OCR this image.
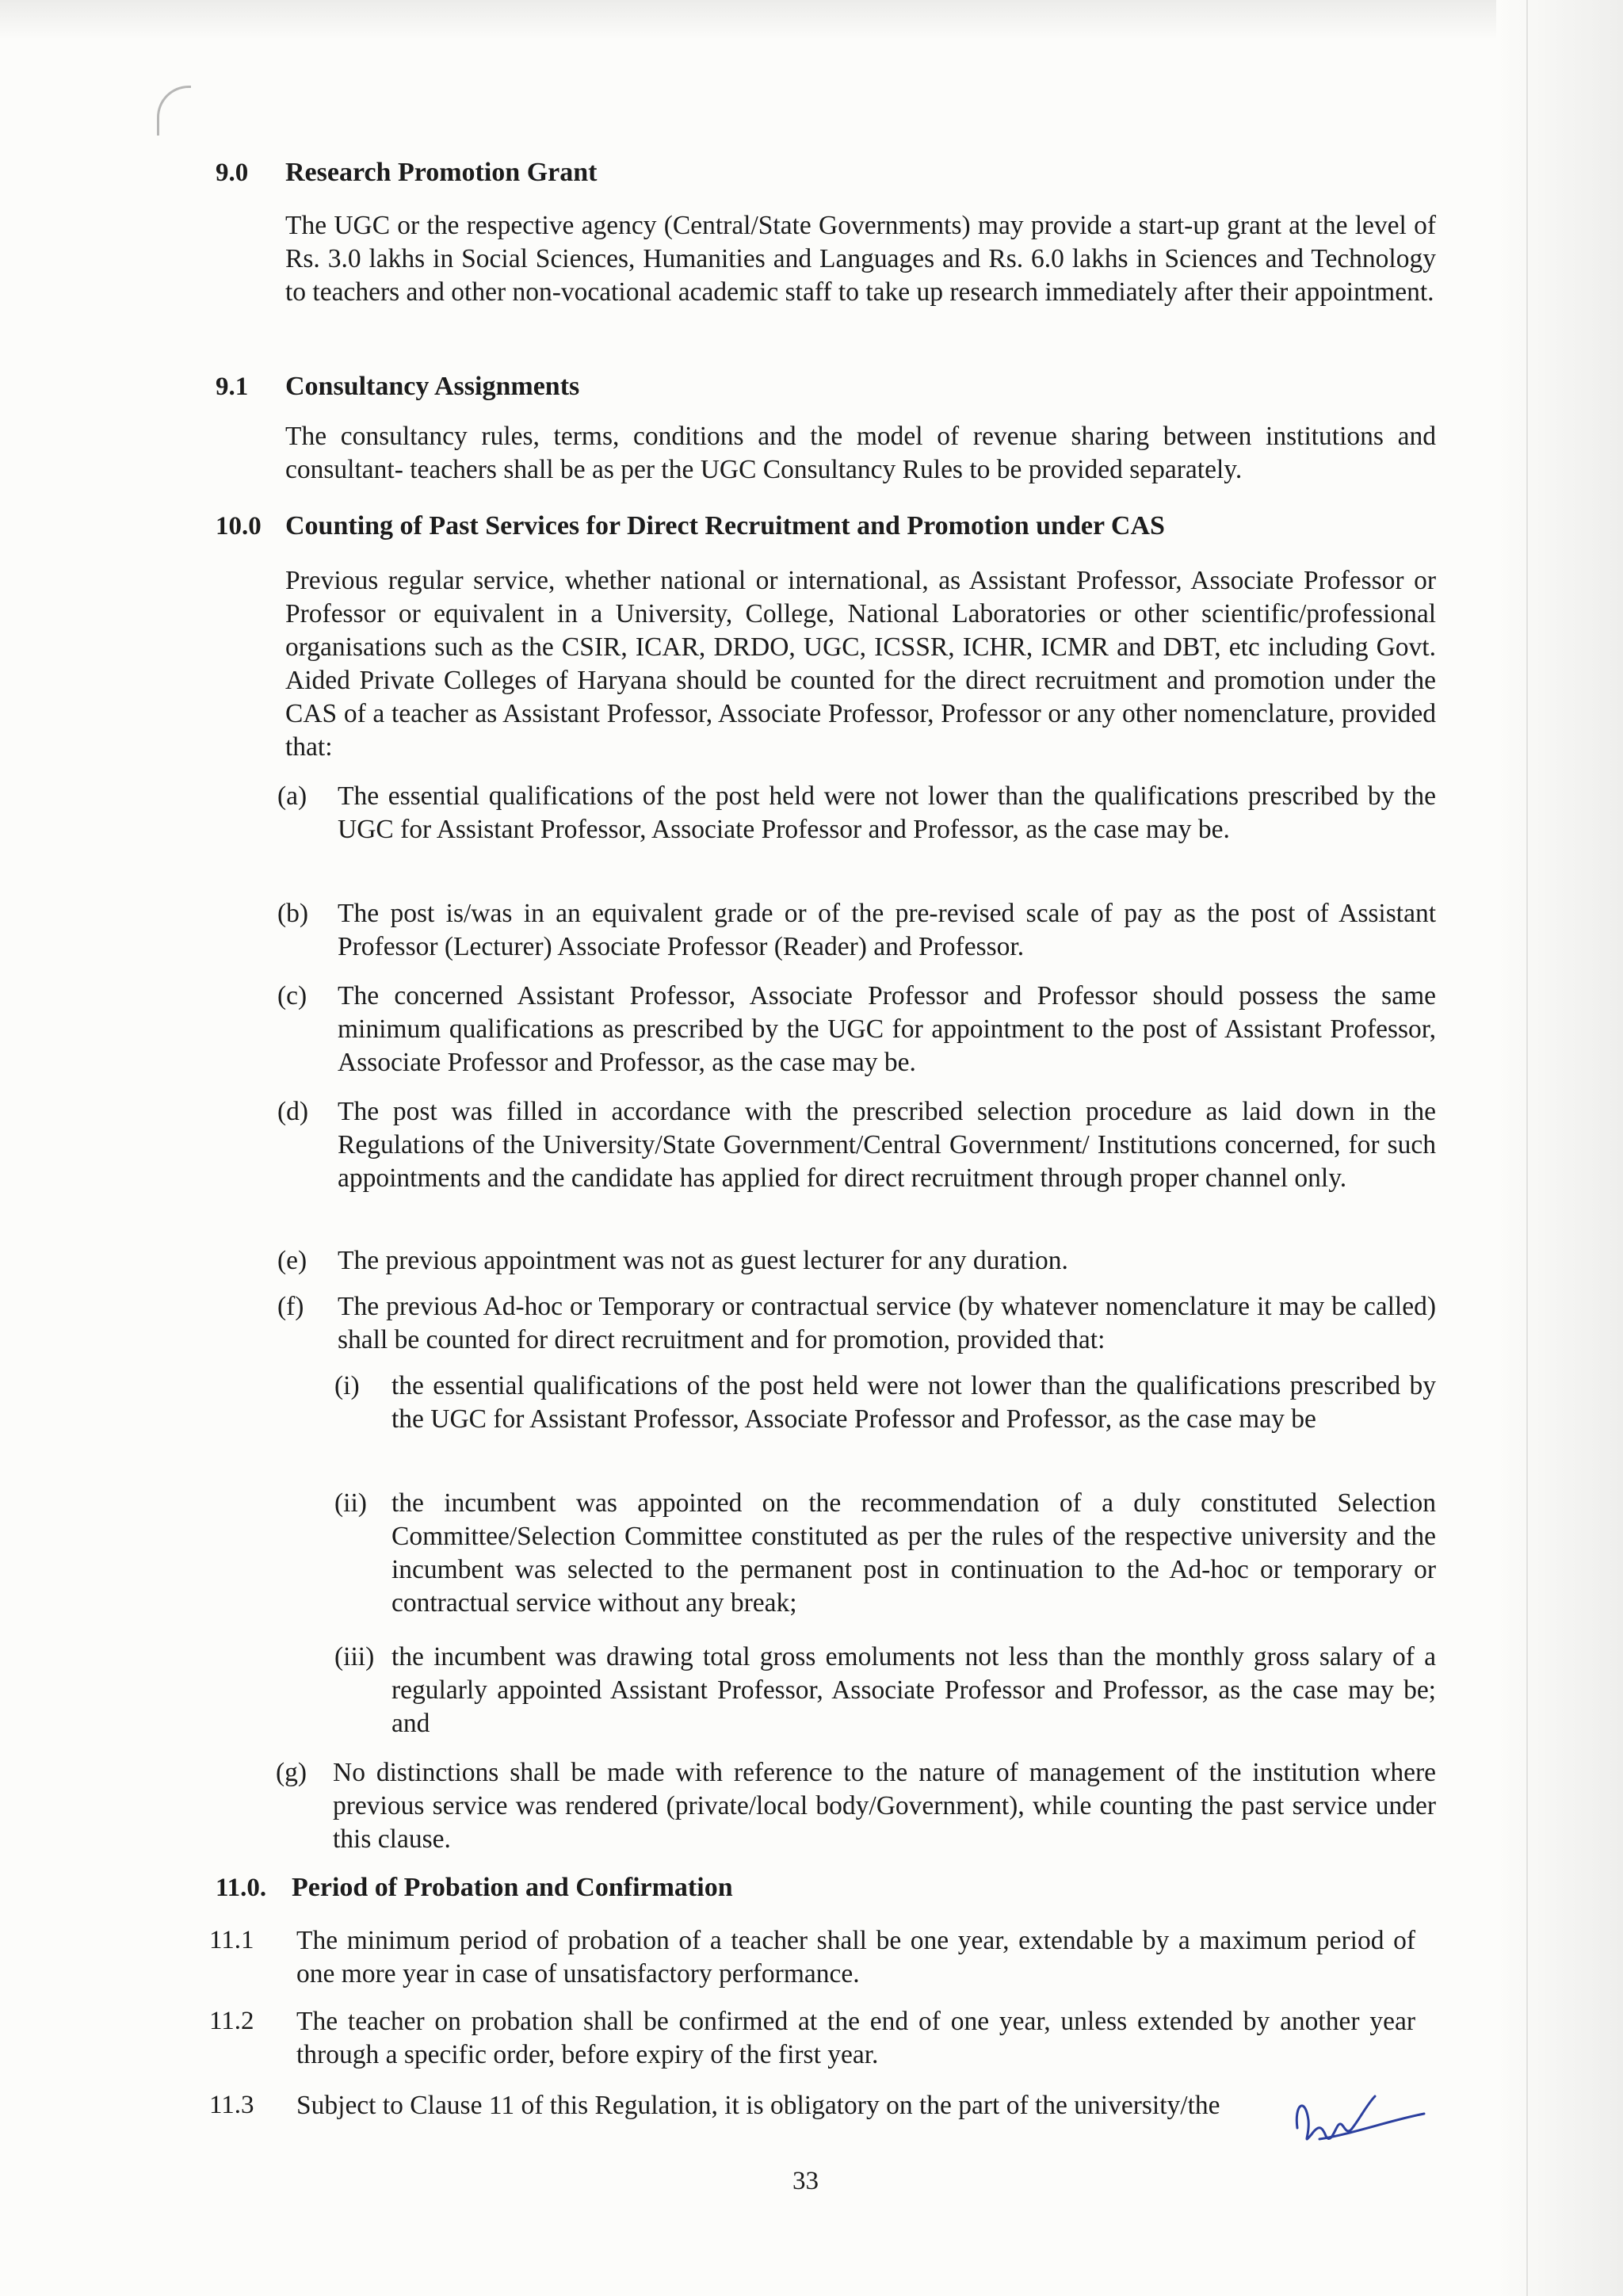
9.0 Research Promotion Grant
The UGC or the respective agency (Central/State Governments) may provide a start-up grant at the level of Rs. 3.0 lakhs in Social Sciences, Humanities and Languages and Rs. 6.0 lakhs in Sciences and Technology to teachers and other non-vocational academic staff to take up research immediately after their appointment.
9.1 Consultancy Assignments
The consultancy rules, terms, conditions and the model of revenue sharing between institutions and consultant- teachers shall be as per the UGC Consultancy Rules to be provided separately.
10.0 Counting of Past Services for Direct Recruitment and Promotion under CAS
Previous regular service, whether national or international, as Assistant Professor, Associate Professor or Professor or equivalent in a University, College, National Laboratories or other scientific/professional organisations such as the CSIR, ICAR, DRDO, UGC, ICSSR, ICHR, ICMR and DBT, etc including Govt. Aided Private Colleges of Haryana should be counted for the direct recruitment and promotion under the CAS of a teacher as Assistant Professor, Associate Professor, Professor or any other nomenclature, provided that:
(a) The essential qualifications of the post held were not lower than the qualifications prescribed by the UGC for Assistant Professor, Associate Professor and Professor, as the case may be.
(b) The post is/was in an equivalent grade or of the pre-revised scale of pay as the post of Assistant Professor (Lecturer) Associate Professor (Reader) and Professor.
(c) The concerned Assistant Professor, Associate Professor and Professor should possess the same minimum qualifications as prescribed by the UGC for appointment to the post of Assistant Professor, Associate Professor and Professor, as the case may be.
(d) The post was filled in accordance with the prescribed selection procedure as laid down in the Regulations of the University/State Government/Central Government/ Institutions concerned, for such appointments and the candidate has applied for direct recruitment through proper channel only.
(e) The previous appointment was not as guest lecturer for any duration.
(f) The previous Ad-hoc or Temporary or contractual service (by whatever nomenclature it may be called) shall be counted for direct recruitment and for promotion, provided that:
(i) the essential qualifications of the post held were not lower than the qualifications prescribed by the UGC for Assistant Professor, Associate Professor and Professor, as the case may be
(ii) the incumbent was appointed on the recommendation of a duly constituted Selection Committee/Selection Committee constituted as per the rules of the respective university and the incumbent was selected to the permanent post in continuation to the Ad-hoc or temporary or contractual service without any break;
(iii) the incumbent was drawing total gross emoluments not less than the monthly gross salary of a regularly appointed Assistant Professor, Associate Professor and Professor, as the case may be; and
(g) No distinctions shall be made with reference to the nature of management of the institution where previous service was rendered (private/local body/Government), while counting the past service under this clause.
11.0. Period of Probation and Confirmation
11.1 The minimum period of probation of a teacher shall be one year, extendable by a maximum period of one more year in case of unsatisfactory performance.
11.2 The teacher on probation shall be confirmed at the end of one year, unless extended by another year through a specific order, before expiry of the first year.
11.3 Subject to Clause 11 of this Regulation, it is obligatory on the part of the university/the
33
